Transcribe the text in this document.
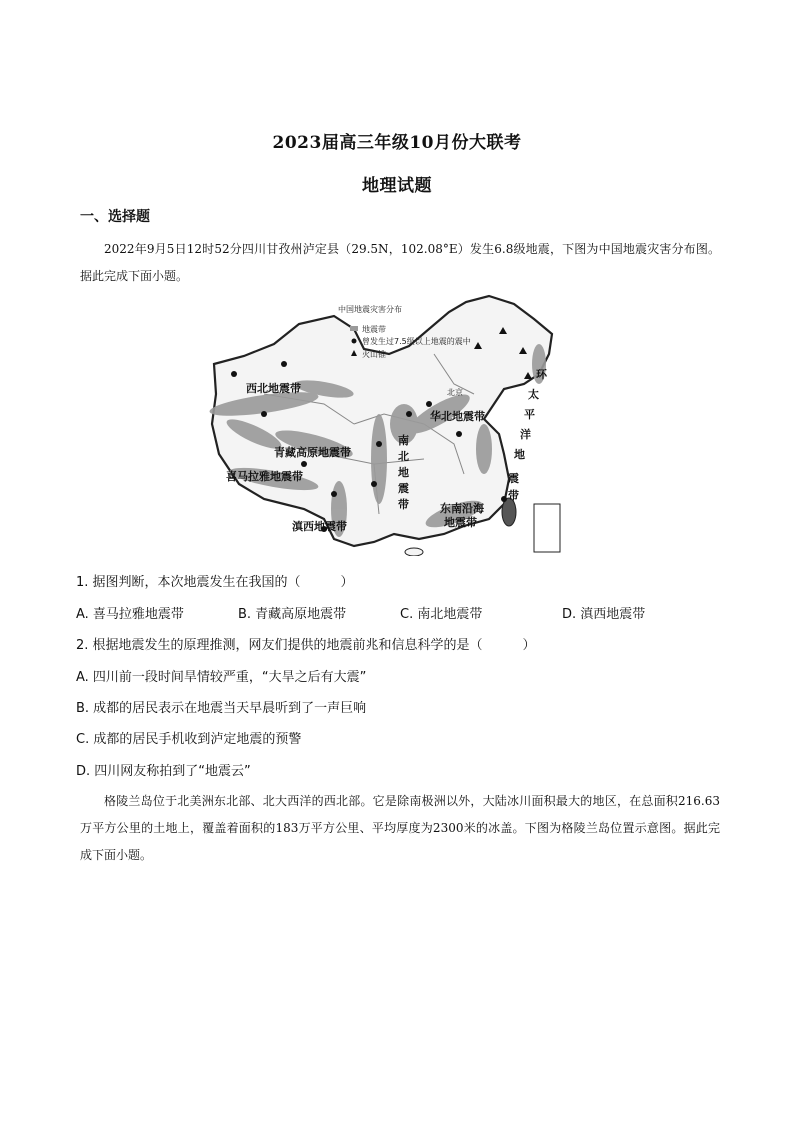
2023届高三年级10月份大联考
地理试题
一、选择题
2022年9月5日12时52分四川甘孜州泸定县（29.5N，102.08°E）发生6.8级地震，下图为中国地震灾害分布图。据此完成下面小题。
中国地震灾害分布
地震带
曾发生过7.5级以上地震的震中
火山锥
西北地震带
青藏高原地震带
喜马拉雅地震带
滇西地震带
华北地震带
北京
南
北
地
震
带	东南沿海
地震带
环
太
平
洋
地
震
带
1. 据图判断，本次地震发生在我国的（	）
A. 喜马拉雅地震带	B. 青藏高原地震带	C. 南北地震带	D. 滇西地震带
2. 根据地震发生的原理推测，网友们提供的地震前兆和信息科学的是（	）
A. 四川前一段时间旱情较严重，“大旱之后有大震”
B. 成都的居民表示在地震当天早晨听到了一声巨响
C. 成都的居民手机收到泸定地震的预警
D. 四川网友称拍到了“地震云”
格陵兰岛位于北美洲东北部、北大西洋的西北部。它是除南极洲以外，大陆冰川面积最大的地区，在总面积216.63万平方公里的土地上，覆盖着面积的183万平方公里、平均厚度为2300米的冰盖。下图为格陵兰岛位置示意图。据此完成下面小题。
